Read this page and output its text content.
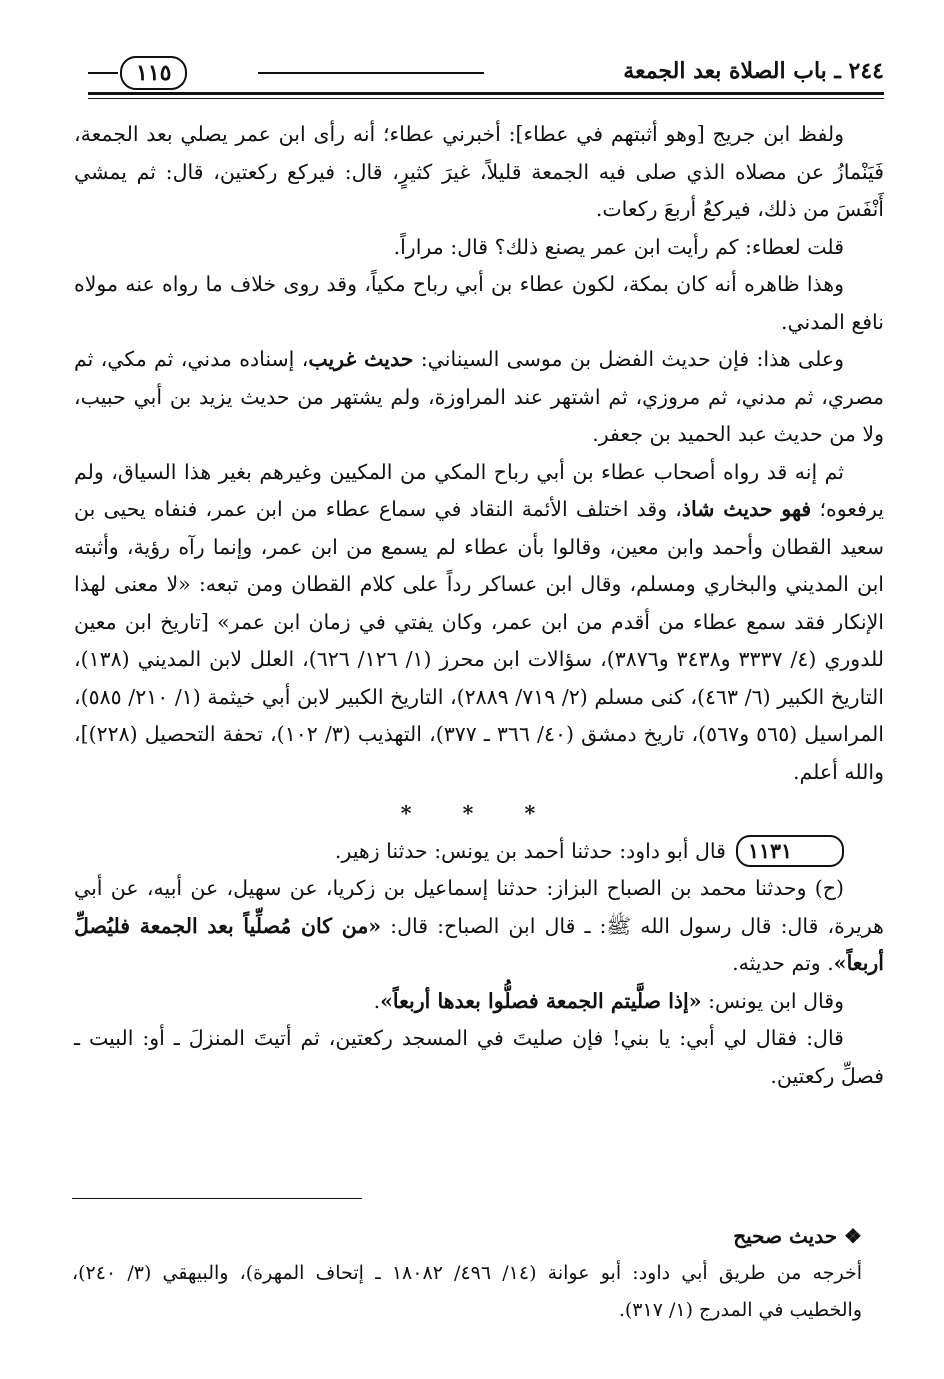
١١٥	٢٤٤ ـ باب الصلاة بعد الجمعة

ولفظ ابن جريج [وهو أثبتهم في عطاء]: أخبرني عطاء؛ أنه رأى ابن عمر يصلي بعد الجمعة، فَيَنْمازُ عن مصلاه الذي صلى فيه الجمعة قليلاً، غيرَ كثيرٍ، قال: فيركع ركعتين، قال: ثم يمشي أَنْفَسَ من ذلك، فيركعُ أربعَ ركعات.

قلت لعطاء: كم رأيت ابن عمر يصنع ذلك؟ قال: مراراً.

وهذا ظاهره أنه كان بمكة، لكون عطاء بن أبي رباح مكياً، وقد روى خلاف ما رواه عنه مولاه نافع المدني.

وعلى هذا: فإن حديث الفضل بن موسى السيناني: حديث غريب، إسناده مدني، ثم مكي، ثم مصري، ثم مدني، ثم مروزي، ثم اشتهر عند المراوزة، ولم يشتهر من حديث يزيد بن أبي حبيب، ولا من حديث عبد الحميد بن جعفر.

ثم إنه قد رواه أصحاب عطاء بن أبي رباح المكي من المكيين وغيرهم بغير هذا السياق، ولم يرفعوه؛ فهو حديث شاذ، وقد اختلف الأئمة النقاد في سماع عطاء من ابن عمر، فنفاه يحيى بن سعيد القطان وأحمد وابن معين، وقالوا بأن عطاء لم يسمع من ابن عمر، وإنما رآه رؤية، وأثبته ابن المديني والبخاري ومسلم، وقال ابن عساكر رداً على كلام القطان ومن تبعه: «لا معنى لهذا الإنكار فقد سمع عطاء من أقدم من ابن عمر، وكان يفتي في زمان ابن عمر» [تاريخ ابن معين للدوري (٤/ ٣٣٣٧ و٣٤٣٨ و٣٨٧٦)، سؤالات ابن محرز (١/ ١٢٦/ ٦٢٦)، العلل لابن المديني (١٣٨)، التاريخ الكبير (٦/ ٤٦٣)، كنى مسلم (٢/ ٧١٩/ ٢٨٨٩)، التاريخ الكبير لابن أبي خيثمة (١/ ٢١٠/ ٥٨٥)، المراسيل (٥٦٥ و٥٦٧)، تاريخ دمشق (٤٠/ ٣٦٦ ـ ٣٧٧)، التهذيب (٣/ ١٠٢)، تحفة التحصيل (٢٢٨)]، والله أعلم.

* * *

١١٣١قال أبو داود: حدثنا أحمد بن يونس: حدثنا زهير.

(ح) وحدثنا محمد بن الصباح البزاز: حدثنا إسماعيل بن زكريا، عن سهيل، عن أبيه، عن أبي هريرة، قال: قال رسول الله ﷺ: ـ قال ابن الصباح: قال: «من كان مُصلِّياً بعد الجمعة فليُصلِّ أربعاً». وتم حديثه.

وقال ابن يونس: «إذا صلَّيتم الجمعة فصلُّوا بعدها أربعاً».

قال: فقال لي أبي: يا بني! فإن صليتَ في المسجد ركعتين، ثم أتيتَ المنزلَ ـ أو: البيت ـ فصلِّ ركعتين.

❖ حديث صحيح

أخرجه من طريق أبي داود: أبو عوانة (١٤/ ٤٩٦/ ١٨٠٨٢ ـ إتحاف المهرة)، والبيهقي (٣/ ٢٤٠)، والخطيب في المدرج (١/ ٣١٧).
